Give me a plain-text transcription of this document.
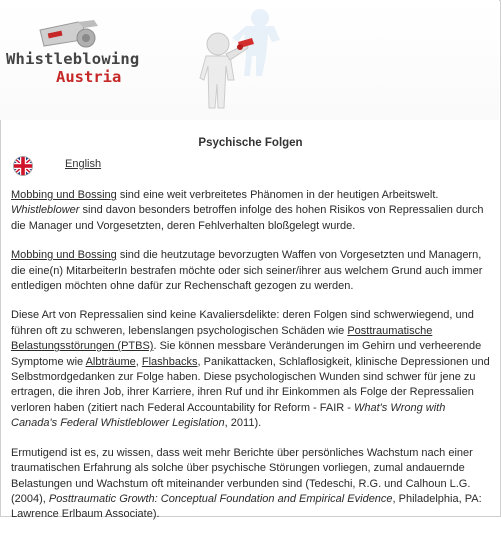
Whistleblowing
Austria
Psychische Folgen
English

Mobbing und Bossing sind eine weit verbreitetes Phänomen in der heutigen Arbeitswelt. Whistleblower sind davon besonders betroffen infolge des hohen Risikos von Repressalien durch die Manager und Vorgesetzten, deren Fehlverhalten bloßgelegt wurde.

Mobbing und Bossing sind die heutzutage bevorzugten Waffen von Vorgesetzten und Managern, die eine(n) MitarbeiterIn bestrafen möchte oder sich seiner/ihrer aus welchem Grund auch immer entledigen möchten ohne dafür zur Rechenschaft gezogen zu werden.

Diese Art von Repressalien sind keine Kavaliersdelikte: deren Folgen sind schwerwiegend, und führen oft zu schweren, lebenslangen psychologischen Schäden wie Posttraumatische Belastungsstörungen (PTBS). Sie können messbare Veränderungen im Gehirn und verheerende Symptome wie Albträume, Flashbacks, Panikattacken, Schlaflosigkeit, klinische Depressionen und Selbstmordgedanken zur Folge haben. Diese psychologischen Wunden sind schwer für jene zu ertragen, die ihren Job, ihrer Karriere, ihren Ruf und ihr Einkommen als Folge der Repressalien verloren haben (zitiert nach Federal Accountability for Reform - FAIR - What's Wrong with Canada's Federal Whistleblower Legislation, 2011).

Ermutigend ist es, zu wissen, dass weit mehr Berichte über persönliches Wachstum nach einer traumatischen Erfahrung als solche über psychische Störungen vorliegen, zumal andauernde Belastungen und Wachstum oft miteinander verbunden sind (Tedeschi, R.G. und Calhoun L.G. (2004), Posttraumatic Growth: Conceptual Foundation and Empirical Evidence, Philadelphia, PA: Lawrence Erlbaum Associate).
